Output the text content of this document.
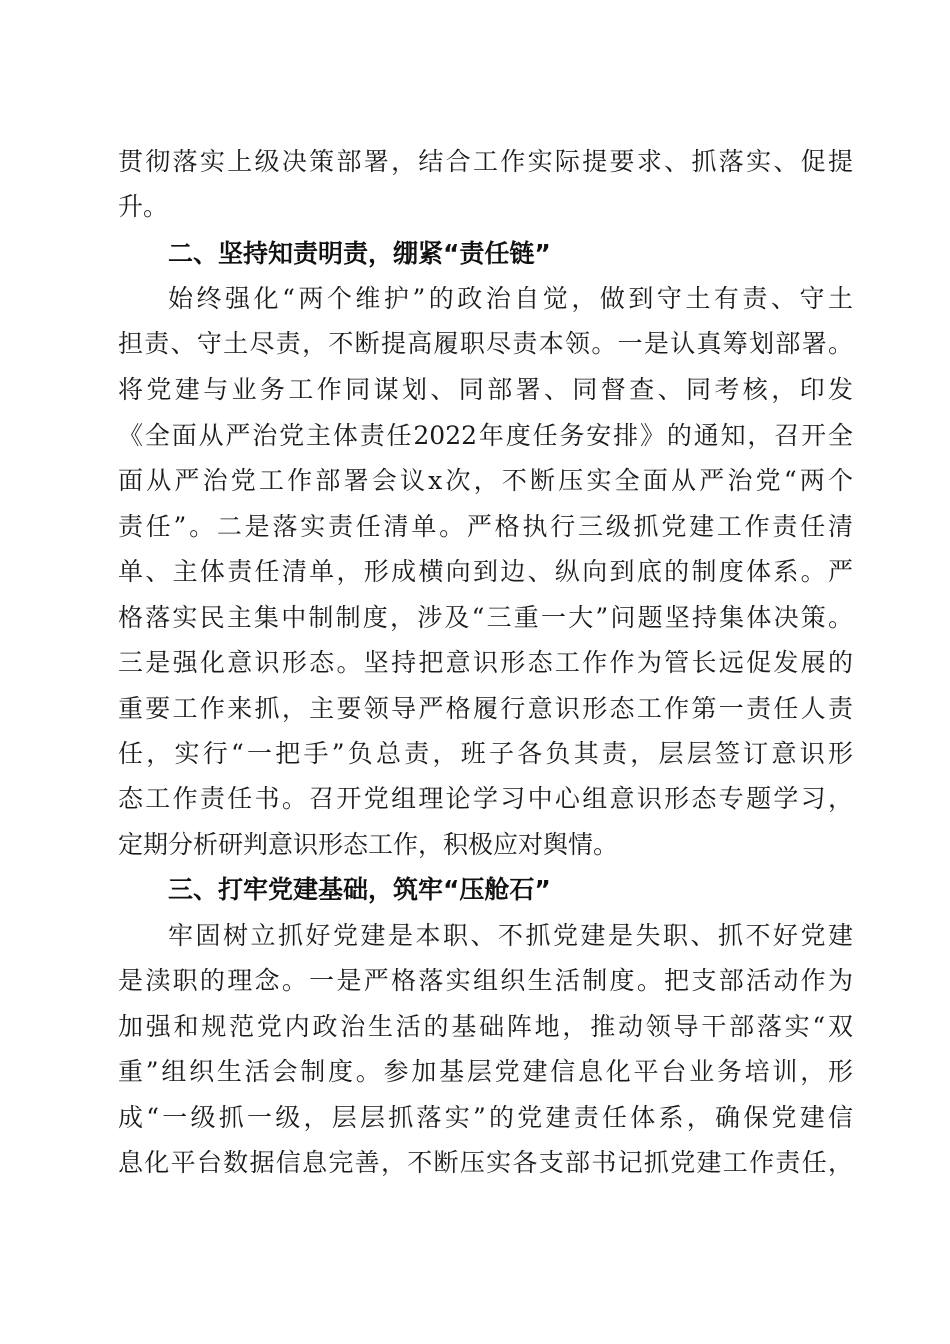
贯彻落实上级决策部署，结合工作实际提要求、抓落实、促提
升。
二、坚持知责明责，绷紧“责任链”
始终强化“两个维护”的政治自觉，做到守土有责、守土
担责、守土尽责，不断提高履职尽责本领。一是认真筹划部署。
将党建与业务工作同谋划、同部署、同督查、同考核，印发
《全面从严治党主体责任2022年度任务安排》的通知，召开全
面从严治党工作部署会议x次，不断压实全面从严治党“两个
责任”。二是落实责任清单。严格执行三级抓党建工作责任清
单、主体责任清单，形成横向到边、纵向到底的制度体系。严
格落实民主集中制制度，涉及“三重一大”问题坚持集体决策。
三是强化意识形态。坚持把意识形态工作作为管长远促发展的
重要工作来抓，主要领导严格履行意识形态工作第一责任人责
任，实行“一把手”负总责，班子各负其责，层层签订意识形
态工作责任书。召开党组理论学习中心组意识形态专题学习，
定期分析研判意识形态工作，积极应对舆情。
三、打牢党建基础，筑牢“压舱石”
牢固树立抓好党建是本职、不抓党建是失职、抓不好党建
是渎职的理念。一是严格落实组织生活制度。把支部活动作为
加强和规范党内政治生活的基础阵地，推动领导干部落实“双
重”组织生活会制度。参加基层党建信息化平台业务培训，形
成“一级抓一级，层层抓落实”的党建责任体系，确保党建信
息化平台数据信息完善，不断压实各支部书记抓党建工作责任，
